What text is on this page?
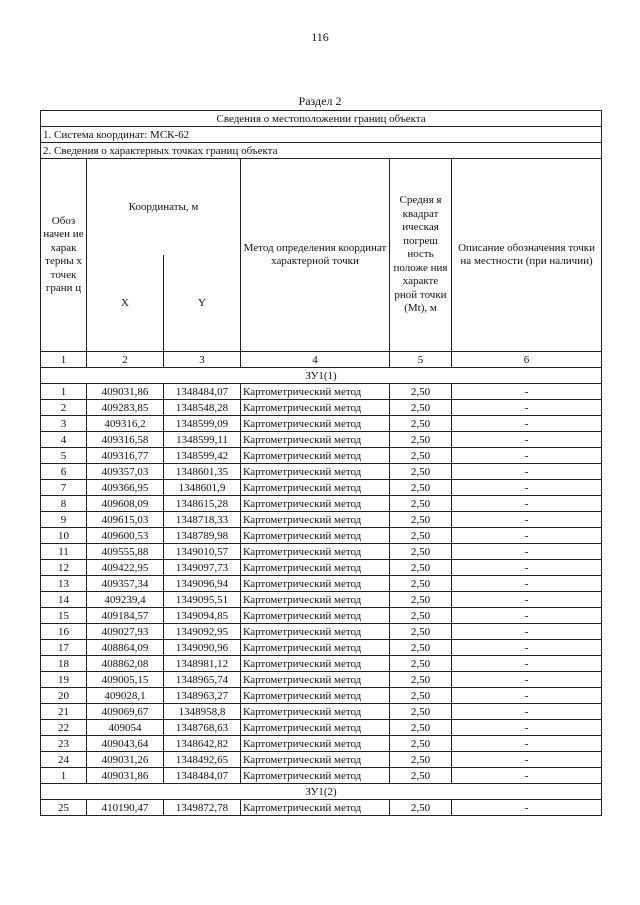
116
Раздел 2
Сведения о местоположении границ объекта					
1. Система координат: МСК-62					
2. Сведения о характерных точках границ объекта					
Обоз начен ие харак терны х точек грани ц	Координаты, м		Метод определения координат характерной точки	Средня я квадрат ическая погреш ность положе ния характе рной точки (Mt), м	Описание обозначения точки на местности (при наличии)
	X	Y			
1	2	3	4	5	6
ЗУ1(1)					
1	409031,86	1348484,07	Картометрический метод	2,50	-
2	409283,85	1348548,28	Картометрический метод	2,50	-
3	409316,2	1348599,09	Картометрический метод	2,50	-
4	409316,58	1348599,11	Картометрический метод	2,50	-
5	409316,77	1348599,42	Картометрический метод	2,50	-
6	409357,03	1348601,35	Картометрический метод	2,50	-
7	409366,95	1348601,9	Картометрический метод	2,50	-
8	409608,09	1348615,28	Картометрический метод	2,50	-
9	409615,03	1348718,33	Картометрический метод	2,50	-
10	409600,53	1348789,98	Картометрический метод	2,50	-
11	409555,88	1349010,57	Картометрический метод	2,50	-
12	409422,95	1349097,73	Картометрический метод	2,50	-
13	409357,34	1349096,94	Картометрический метод	2,50	-
14	409239,4	1349095,51	Картометрический метод	2,50	-
15	409184,57	1349094,85	Картометрический метод	2,50	-
16	409027,93	1349092,95	Картометрический метод	2,50	-
17	408864,09	1349090,96	Картометрический метод	2,50	-
18	408862,08	1348981,12	Картометрический метод	2,50	-
19	409005,15	1348965,74	Картометрический метод	2,50	-
20	409028,1	1348963,27	Картометрический метод	2,50	-
21	409069,67	1348958,8	Картометрический метод	2,50	-
22	409054	1348768,63	Картометрический метод	2,50	-
23	409043,64	1348642,82	Картометрический метод	2,50	-
24	409031,26	1348492,65	Картометрический метод	2,50	-
1	409031,86	1348484,07	Картометрический метод	2,50	-
ЗУ1(2)					
25	410190,47	1349872,78	Картометрический метод	2,50	-
